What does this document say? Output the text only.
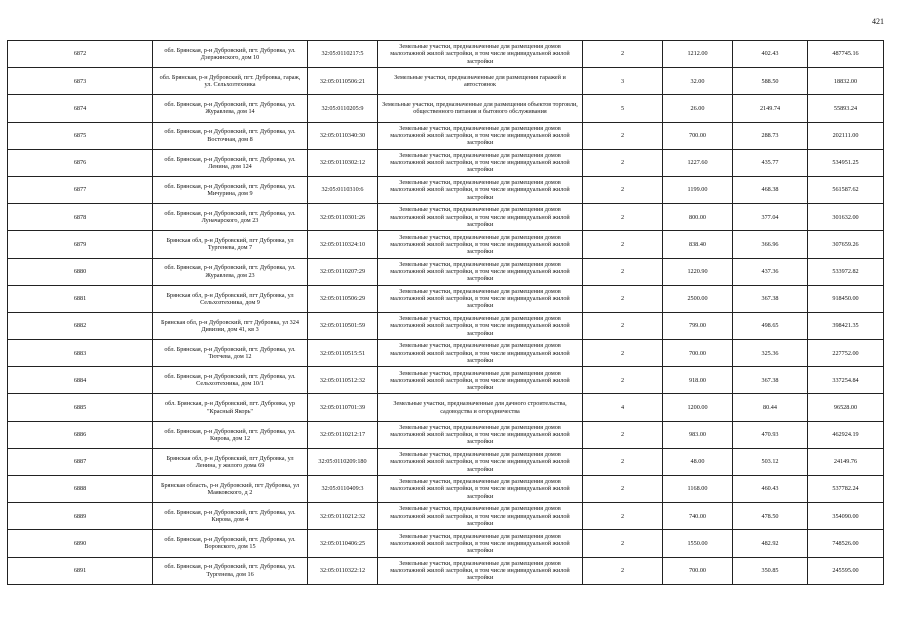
421
6872	обл. Брянская, р-н Дубровский, пгт. Дубровка, ул. Дзержинского, дом 10	32:05:0110217:5	Земельные участки, предназначенные для размещения домов малоэтажной жилой застройки, в том числе индивидуальной жилой застройки	2	1212.00	402.43	487745.16
6873	обл. Брянская, р-н Дубровский, пгт. Дубровка, гараж, ул. Сельхозтехника	32:05:0110506:21	Земельные участки, предназначенные для размещения гаражей и автостоянок	3	32.00	588.50	18832.00
6874	обл. Брянская, р-н Дубровский, пгт. Дубровка, ул. Журавлева, дом 14	32:05:0110205:9	Земельные участки, предназначенные для размещения объектов торговли, общественного питания и бытового обслуживания	5	26.00	2149.74	55893.24
6875	обл. Брянская, р-н Дубровский, пгт. Дубровка, ул. Восточная, дом 8	32:05:0110340:30	Земельные участки, предназначенные для размещения домов малоэтажной жилой застройки, в том числе индивидуальной жилой застройки	2	700.00	288.73	202111.00
6876	обл. Брянская, р-н Дубровский, пгт. Дубровка, ул. Ленина, дом 124	32:05:0110302:12	Земельные участки, предназначенные для размещения домов малоэтажной жилой застройки, в том числе индивидуальной жилой застройки	2	1227.60	435.77	534951.25
6877	обл. Брянская, р-н Дубровский, пгт. Дубровка, ул. Мичурина, дом 9	32:05:0110310:6	Земельные участки, предназначенные для размещения домов малоэтажной жилой застройки, в том числе индивидуальной жилой застройки	2	1199.00	468.38	561587.62
6878	обл. Брянская, р-н Дубровский, пгт. Дубровка, ул. Луначарского, дом 23	32:05:0110301:26	Земельные участки, предназначенные для размещения домов малоэтажной жилой застройки, в том числе индивидуальной жилой застройки	2	800.00	377.04	301632.00
6879	Брянская обл, р-н Дубровский, пгт Дубровка, ул Тургенева, дом 7	32:05:0110324:10	Земельные участки, предназначенные для размещения домов малоэтажной жилой застройки, в том числе индивидуальной жилой застройки	2	838.40	366.96	307659.26
6880	обл. Брянская, р-н Дубровский, пгт. Дубровка, ул. Журавлева, дом 23	32:05:0110207:29	Земельные участки, предназначенные для размещения домов малоэтажной жилой застройки, в том числе индивидуальной жилой застройки	2	1220.90	437.36	533972.82
6881	Брянская обл, р-н Дубровский, пгт Дубровка, ул Сельхозтехника, дом 9	32:05:0110506:29	Земельные участки, предназначенные для размещения домов малоэтажной жилой застройки, в том числе индивидуальной жилой застройки	2	2500.00	367.38	918450.00
6882	Брянская обл, р-н Дубровский, пгт Дубровка, ул 324 Дивизии, дом 41, кв 3	32:05:0110501:59	Земельные участки, предназначенные для размещения домов малоэтажной жилой застройки, в том числе индивидуальной жилой застройки	2	799.00	498.65	398421.35
6883	обл. Брянская, р-н Дубровский, пгт. Дубровка, ул. Тютчева, дом 12	32:05:0110515:51	Земельные участки, предназначенные для размещения домов малоэтажной жилой застройки, в том числе индивидуальной жилой застройки	2	700.00	325.36	227752.00
6884	обл. Брянская, р-н Дубровский, пгт. Дубровка, ул. Сельхозтехника, дом 10/1	32:05:0110512:32	Земельные участки, предназначенные для размещения домов малоэтажной жилой застройки, в том числе индивидуальной жилой застройки	2	918.00	367.38	337254.84
6885	обл. Брянская, р-н Дубровский, пгт. Дубровка, ур "Красный Якорь"	32:05:0110701:39	Земельные участки, предназначенные для дачного строительства, садоводства и огородничества	4	1200.00	80.44	96528.00
6886	обл. Брянская, р-н Дубровский, пгт. Дубровка, ул. Кирова, дом 12	32:05:0110212:17	Земельные участки, предназначенные для размещения домов малоэтажной жилой застройки, в том числе индивидуальной жилой застройки	2	983.00	470.93	462924.19
6887	Брянская обл, р-н Дубровский, пгт Дубровка, ул Ленина, у жилого дома 69	32:05:0110209:180	Земельные участки, предназначенные для размещения домов малоэтажной жилой застройки, в том числе индивидуальной жилой застройки	2	48.00	503.12	24149.76
6888	Брянская область, р-н Дубровский, пгт Дубровка, ул Маяковского, д 2	32:05:0110409:3	Земельные участки, предназначенные для размещения домов малоэтажной жилой застройки, в том числе индивидуальной жилой застройки	2	1168.00	460.43	537782.24
6889	обл. Брянская, р-н Дубровский, пгт. Дубровка, ул. Кирова, дом 4	32:05:0110212:32	Земельные участки, предназначенные для размещения домов малоэтажной жилой застройки, в том числе индивидуальной жилой застройки	2	740.00	478.50	354090.00
6890	обл. Брянская, р-н Дубровский, пгт. Дубровка, ул. Воровского, дом 15	32:05:0110406:25	Земельные участки, предназначенные для размещения домов малоэтажной жилой застройки, в том числе индивидуальной жилой застройки	2	1550.00	482.92	748526.00
6891	обл. Брянская, р-н Дубровский, пгт. Дубровка, ул. Тургенева, дом 16	32:05:0110322:12	Земельные участки, предназначенные для размещения домов малоэтажной жилой застройки, в том числе индивидуальной жилой застройки	2	700.00	350.85	245595.00
